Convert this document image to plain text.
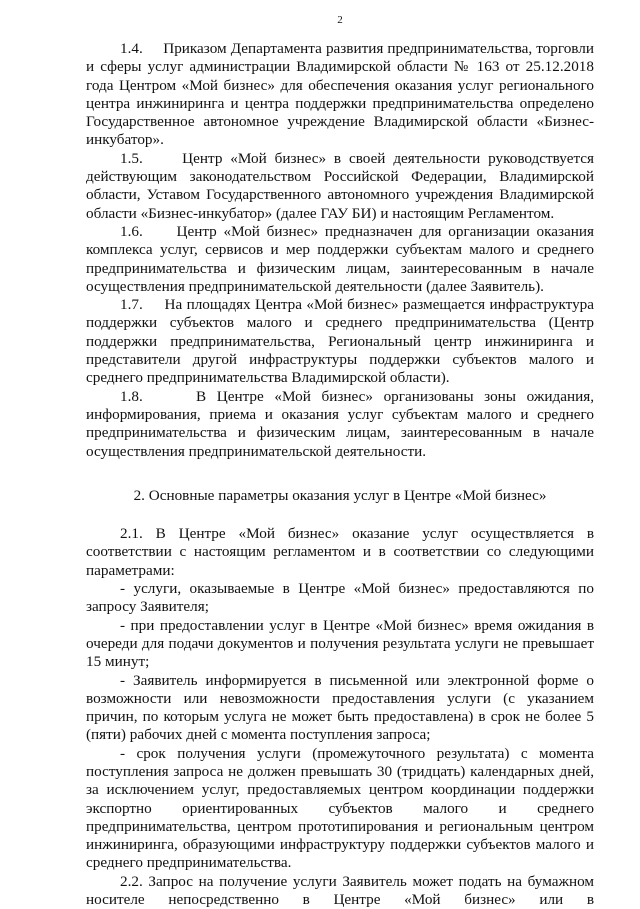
2

1.4.     Приказом Департамента развития предпринимательства, торговли и сферы услуг администрации Владимирской области № 163 от 25.12.2018 года Центром «Мой бизнес» для обеспечения оказания услуг регионального центра инжиниринга и центра поддержки предпринимательства определено Государственное автономное учреждение Владимирской области «Бизнес-инкубатор».

1.5.     Центр «Мой бизнес» в своей деятельности руководствуется действующим законодательством Российской Федерации, Владимирской области, Уставом Государственного автономного учреждения Владимирской области «Бизнес-инкубатор» (далее ГАУ БИ) и настоящим Регламентом.

1.6.     Центр «Мой бизнес» предназначен для организации оказания комплекса услуг, сервисов и мер поддержки субъектам малого и среднего предпринимательства и физическим лицам, заинтересованным в начале осуществления предпринимательской деятельности (далее Заявитель).

1.7.     На площадях Центра «Мой бизнес» размещается инфраструктура поддержки субъектов малого и среднего предпринимательства (Центр поддержки предпринимательства, Региональный центр инжиниринга и представители другой инфраструктуры поддержки субъектов малого и среднего предпринимательства Владимирской области).

1.8.     В Центре «Мой бизнес» организованы зоны ожидания, информирования, приема и оказания услуг субъектам малого и среднего предпринимательства и физическим лицам, заинтересованным в начале осуществления предпринимательской деятельности.

2. Основные параметры оказания услуг в Центре «Мой бизнес»

2.1. В Центре «Мой бизнес» оказание услуг осуществляется в соответствии с настоящим регламентом и в соответствии со следующими параметрами:

- услуги, оказываемые в Центре «Мой бизнес» предоставляются по запросу Заявителя;

- при предоставлении услуг в Центре «Мой бизнес» время ожидания в очереди для подачи документов и получения результата услуги не превышает 15 минут;

- Заявитель информируется в письменной или электронной форме о возможности или невозможности предоставления услуги (с указанием причин, по которым услуга не может быть предоставлена) в срок не более 5 (пяти) рабочих дней с момента поступления запроса;

- срок получения услуги (промежуточного результата) с момента поступления запроса не должен превышать 30 (тридцать) календарных дней, за исключением услуг, предоставляемых центром координации поддержки экспортно ориентированных субъектов малого и среднего предпринимательства, центром прототипирования и региональным центром инжиниринга, образующими инфраструктуру поддержки субъектов малого и среднего предпринимательства.

2.2. Запрос на получение услуги Заявитель может подать на бумажном носителе непосредственно в Центре «Мой бизнес» или в
